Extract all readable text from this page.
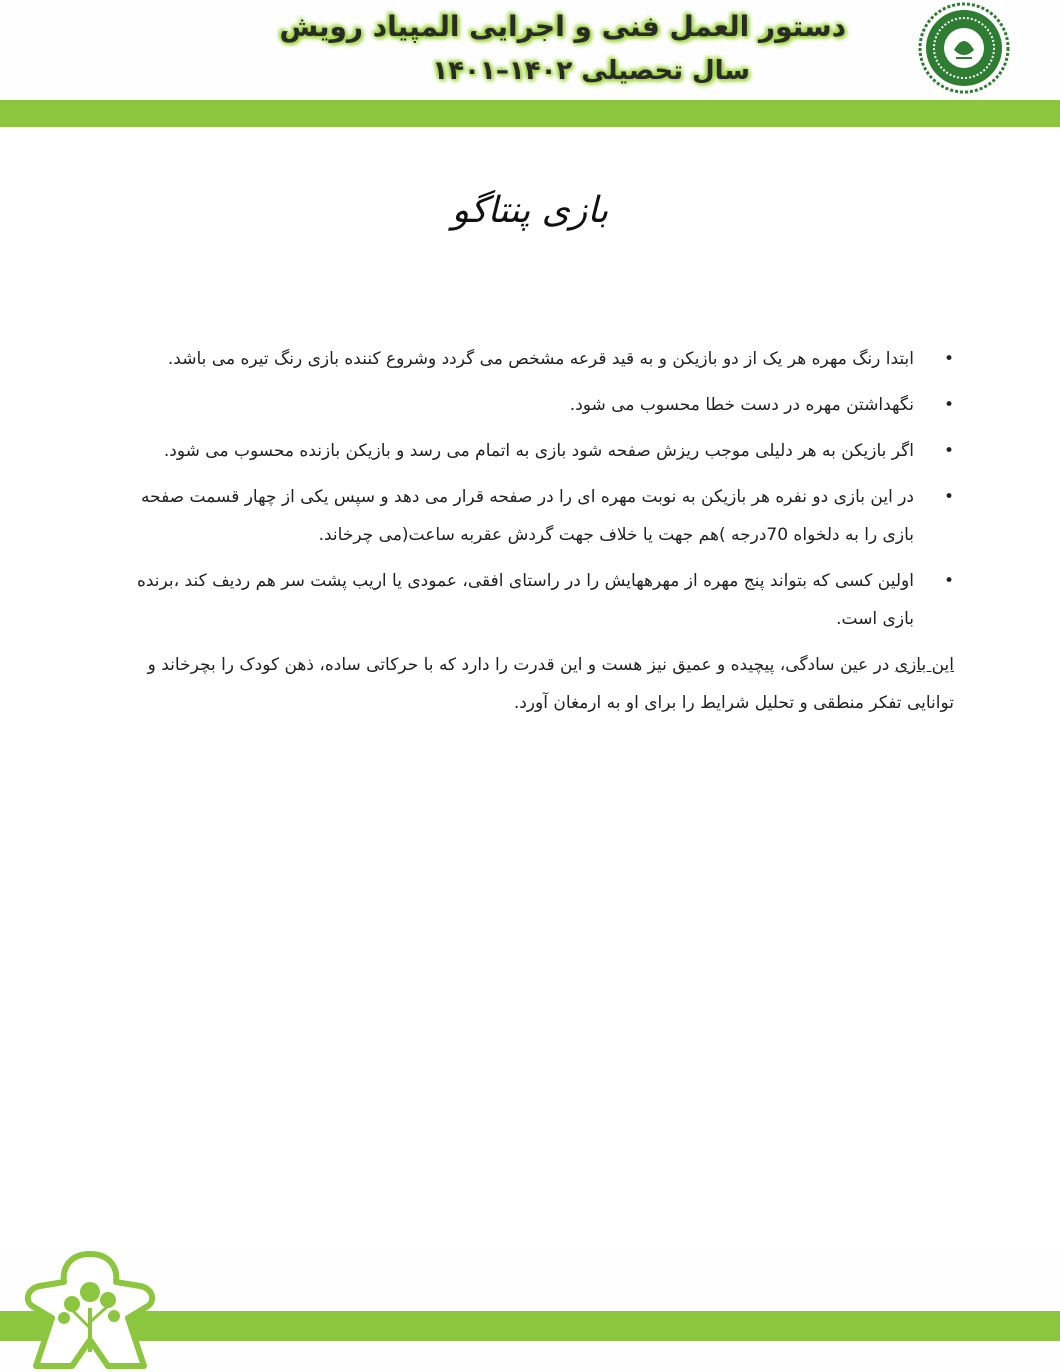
دستور العمل فنی و اجرایی المپیاد رویش
سال تحصیلی ۱۴۰۲–۱۴۰۱
بازی پنتاگو
•
ابتدا رنگ مهره هر یک از دو بازیکن و به قید قرعه مشخص می گردد وشروع کننده بازی رنگ تیره می باشد.
•
نگهداشتن مهره در دست خطا محسوب می شود.
•
اگر بازیکن به هر دلیلی موجب ریزش صفحه شود بازی به اتمام می رسد و بازیکن بازنده محسوب می شود.
•
در این بازی دو نفره هر بازیکن به نوبت مهره ای را در صفحه قرار می دهد و سپس یکی از چهار قسمت صفحه بازی را به دلخواه 70درجه )هم جهت یا خلاف جهت گردش عقربه ساعت(می چرخاند.
•
اولین کسی که بتواند پنج مهره از مهرههایش را در راستای افقی، عمودی یا اریب پشت سر هم ردیف کند ،برنده بازی است.
این بازی در عین سادگی، پیچیده و عمیق نیز هست و این قدرت را دارد که با حرکاتی ساده، ذهن کودک را بچرخاند و توانایی تفکر منطقی و تحلیل شرایط را برای او به ارمغان آورد.
